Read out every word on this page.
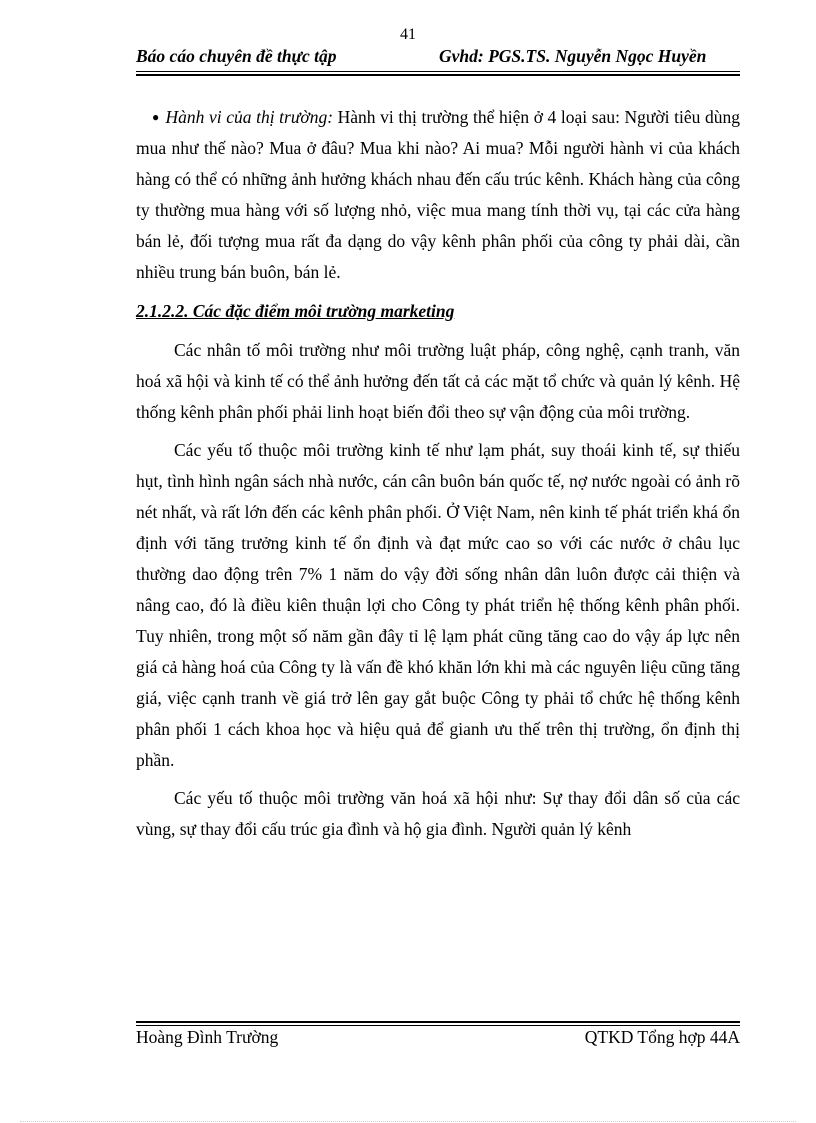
41
Báo cáo chuyên đề thực tập	Gvhd: PGS.TS. Nguyễn Ngọc Huyền

● Hành vi của thị trường: Hành vi thị trường thể hiện ở 4 loại sau: Người tiêu dùng mua như thế nào? Mua ở đâu? Mua khi nào? Ai mua? Mỗi người hành vi của khách hàng có thể có những ảnh hưởng khách nhau đến cấu trúc kênh. Khách hàng của công ty thường mua hàng với số lượng nhỏ, việc mua mang tính thời vụ, tại các cửa hàng bán lẻ, đối tượng mua rất đa dạng do vậy kênh phân phối của công ty phải dài, cần nhiều trung bán buôn, bán lẻ.

2.1.2.2. Các đặc điểm môi trường marketing

Các nhân tố môi trường như môi trường luật pháp, công nghệ, cạnh tranh, văn hoá xã hội và kinh tế có thể ảnh hưởng đến tất cả các mặt tổ chức và quản lý kênh. Hệ thống kênh phân phối phải linh hoạt biến đổi theo sự vận động của môi trường.

Các yếu tố thuộc môi trường kinh tế như lạm phát, suy thoái kinh tế, sự thiếu hụt, tình hình ngân sách nhà nước, cán cân buôn bán quốc tế, nợ nước ngoài có ảnh rõ nét nhất, và rất lớn đến các kênh phân phối. Ở Việt Nam, nên kinh tế phát triển khá ổn định với tăng trưởng kinh tế ổn định và đạt mức cao so với các nước ở châu lục thường dao động trên 7% 1 năm do vậy đời sống nhân dân luôn được cải thiện và nâng cao, đó là điều kiên thuận lợi cho Công ty phát triển hệ thống kênh phân phối. Tuy nhiên, trong một số năm gần đây tỉ lệ lạm phát cũng tăng cao do vậy áp lực nên giá cả hàng hoá của Công ty là vấn đề khó khăn lớn khi mà các nguyên liệu cũng tăng giá, việc cạnh tranh về giá trở lên gay gắt buộc Công ty phải tổ chức hệ thống kênh phân phối 1 cách khoa học và hiệu quả để gianh ưu thế trên thị trường, ổn định thị phần.

Các yếu tố thuộc môi trường văn hoá xã hội như: Sự thay đổi dân số của các vùng, sự thay đổi cấu trúc gia đình và hộ gia đình. Người quản lý kênh

Hoàng Đình Trường	QTKD Tổng hợp 44A
